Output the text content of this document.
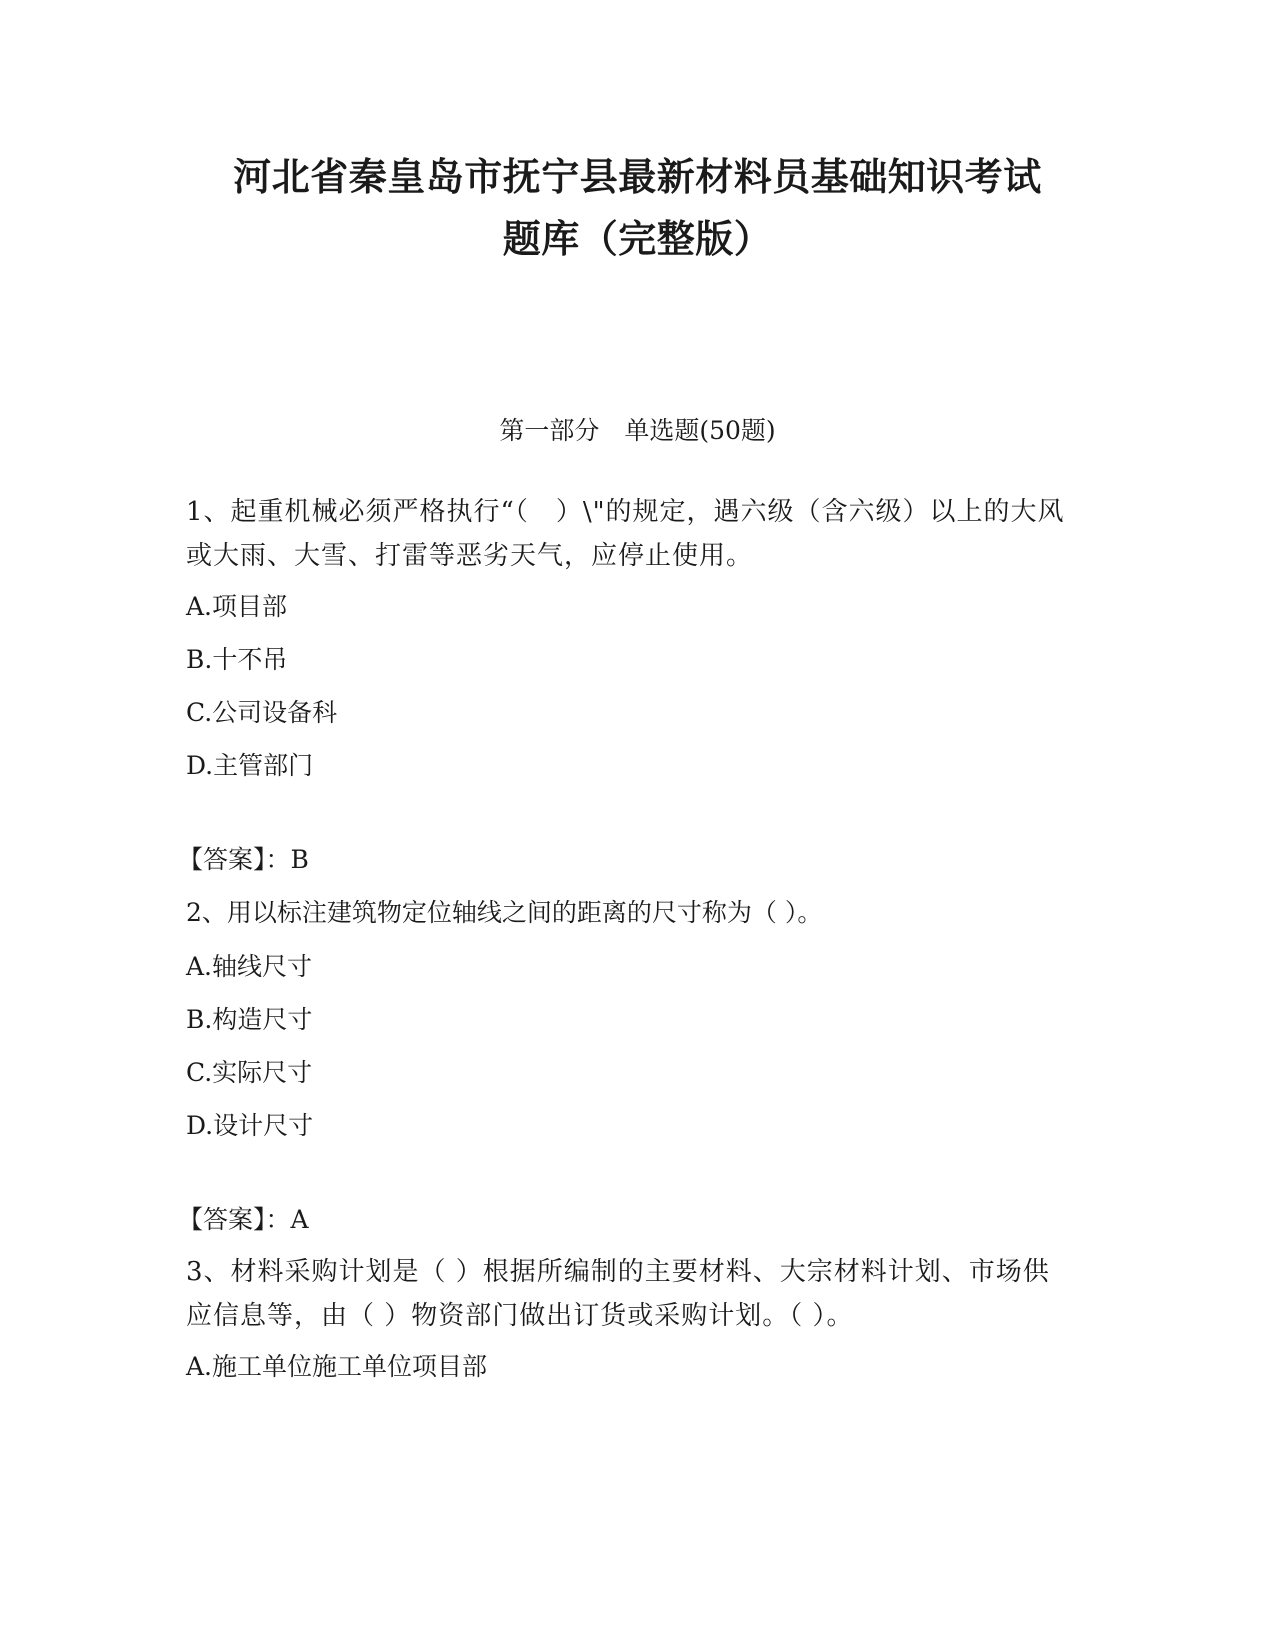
河北省秦皇岛市抚宁县最新材料员基础知识考试
题库（完整版）
第一部分　单选题(50题)
1、起重机械必须严格执行“（　）\"的规定，遇六级（含六级）以上的大风或大雨、大雪、打雷等恶劣天气，应停止使用。
A.项目部
B.十不吊
C.公司设备科
D.主管部门
【答案】：B
2、用以标注建筑物定位轴线之间的距离的尺寸称为（ ）。
A.轴线尺寸
B.构造尺寸
C.实际尺寸
D.设计尺寸
【答案】：A
3、材料采购计划是（ ）根据所编制的主要材料、大宗材料计划、市场供应信息等，由（ ）物资部门做出订货或采购计划。（ ）。
A.施工单位施工单位项目部
